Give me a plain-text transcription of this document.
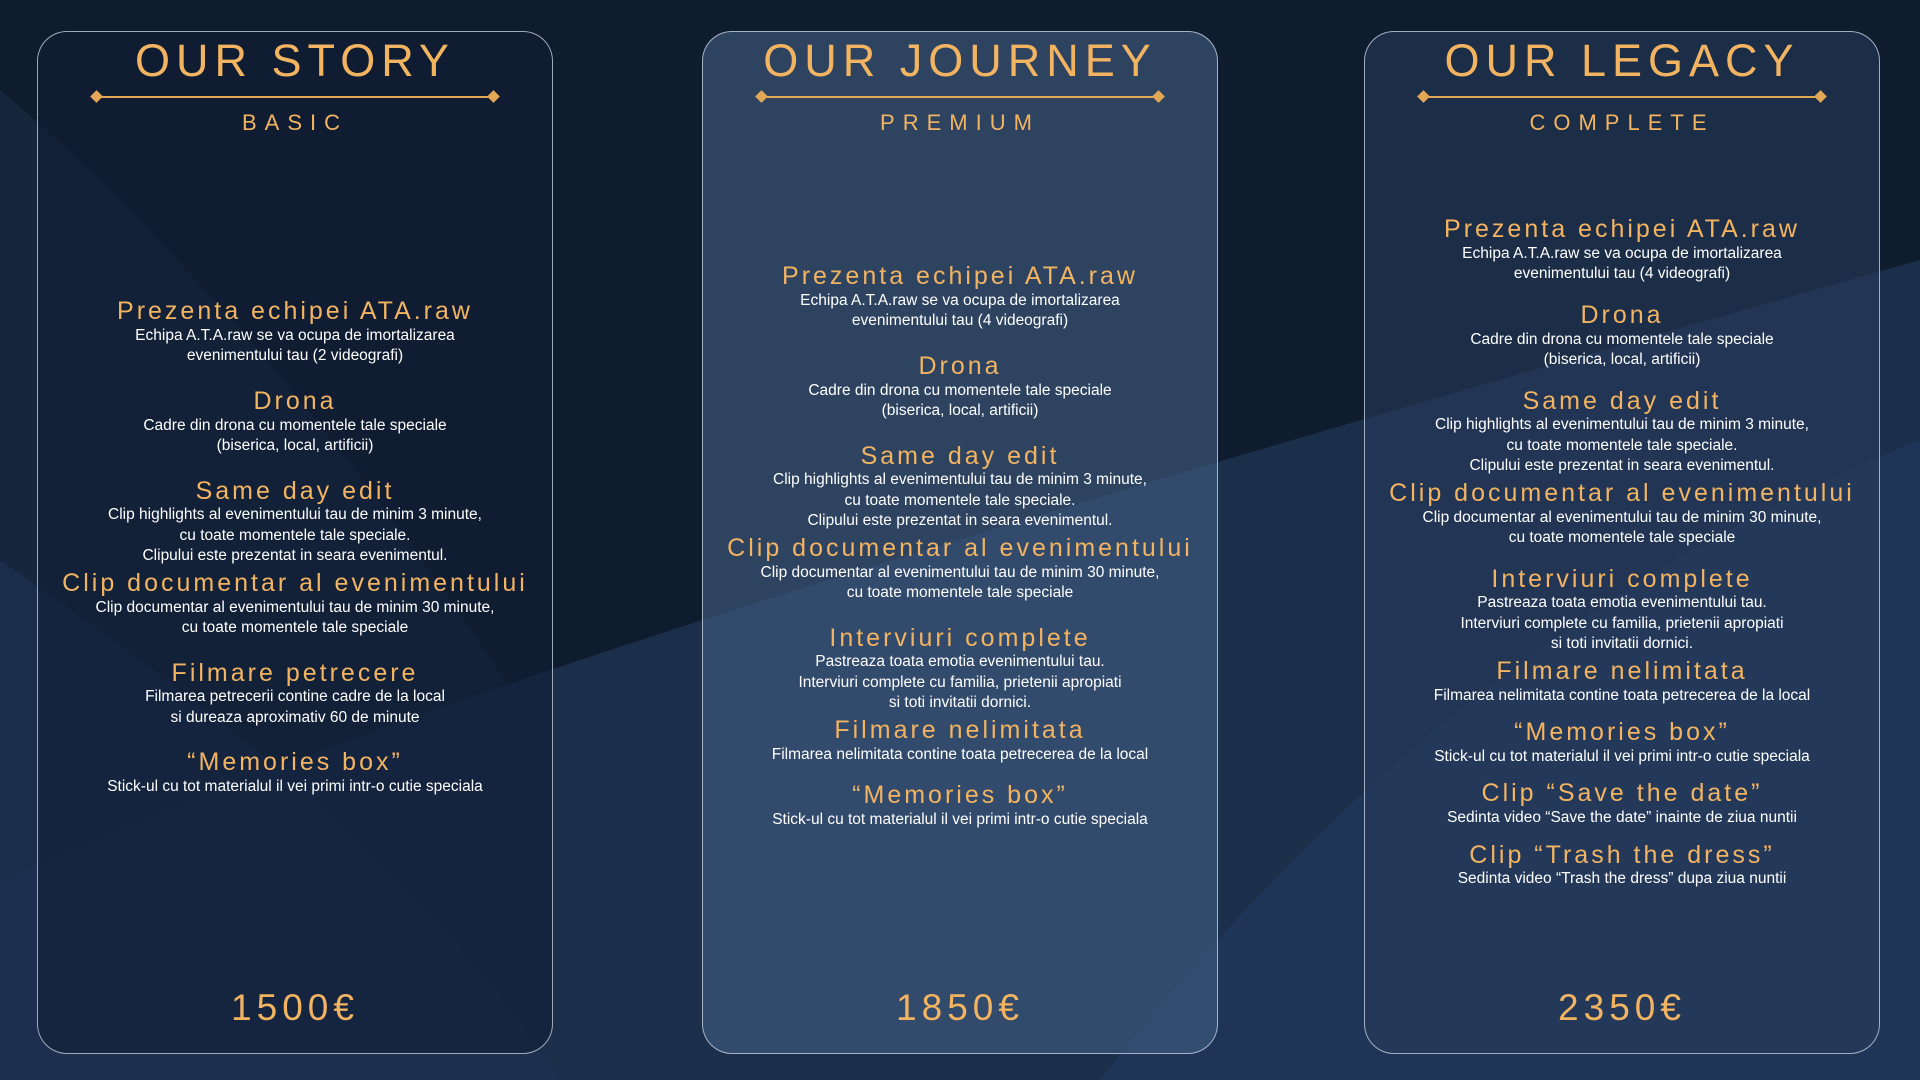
OUR STORY
BASIC
Prezenta echipei ATA.raw
Echipa A.T.A.raw se va ocupa de imortalizarea
evenimentului tau (2 videografi)
Drona
Cadre din drona cu momentele tale speciale
(biserica, local, artificii)
Same day edit
Clip highlights al evenimentului tau de minim 3 minute,
cu toate momentele tale speciale.
Clipului este prezentat in seara evenimentul.
Clip documentar al evenimentului
Clip documentar al evenimentului tau de minim 30 minute,
cu toate momentele tale speciale
Filmare petrecere
Filmarea petrecerii contine cadre de la local
si dureaza aproximativ 60 de minute
“Memories box”
Stick-ul cu tot materialul il vei primi intr-o cutie speciala
1500€
OUR JOURNEY
PREMIUM
Prezenta echipei ATA.raw
Echipa A.T.A.raw se va ocupa de imortalizarea
evenimentului tau (4 videografi)
Drona
Cadre din drona cu momentele tale speciale
(biserica, local, artificii)
Same day edit
Clip highlights al evenimentului tau de minim 3 minute,
cu toate momentele tale speciale.
Clipului este prezentat in seara evenimentul.
Clip documentar al evenimentului
Clip documentar al evenimentului tau de minim 30 minute,
cu toate momentele tale speciale
Interviuri complete
Pastreaza toata emotia evenimentului tau.
Interviuri complete cu familia, prietenii apropiati
si toti invitatii dornici.
Filmare nelimitata
Filmarea nelimitata contine toata petrecerea de la local
“Memories box”
Stick-ul cu tot materialul il vei primi intr-o cutie speciala
1850€
OUR LEGACY
COMPLETE
Prezenta echipei ATA.raw
Echipa A.T.A.raw se va ocupa de imortalizarea
evenimentului tau (4 videografi)
Drona
Cadre din drona cu momentele tale speciale
(biserica, local, artificii)
Same day edit
Clip highlights al evenimentului tau de minim 3 minute,
cu toate momentele tale speciale.
Clipului este prezentat in seara evenimentul.
Clip documentar al evenimentului
Clip documentar al evenimentului tau de minim 30 minute,
cu toate momentele tale speciale
Interviuri complete
Pastreaza toata emotia evenimentului tau.
Interviuri complete cu familia, prietenii apropiati
si toti invitatii dornici.
Filmare nelimitata
Filmarea nelimitata contine toata petrecerea de la local
“Memories box”
Stick-ul cu tot materialul il vei primi intr-o cutie speciala
Clip “Save the date”
Sedinta video “Save the date” inainte de ziua nuntii
Clip “Trash the dress”
Sedinta video “Trash the dress” dupa ziua nuntii
2350€
